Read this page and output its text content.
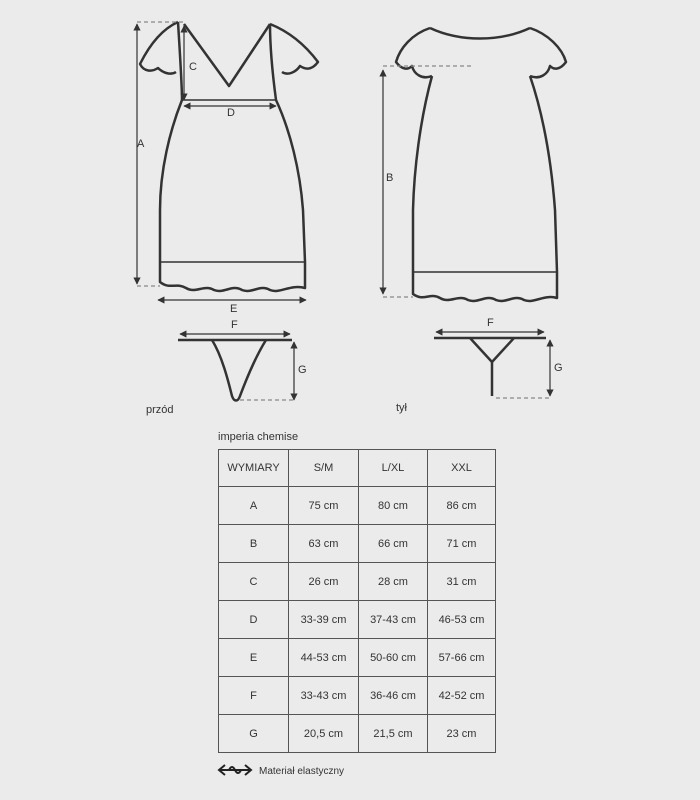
A
C
D
E
F
G
B
F
G
przód	tył
imperia chemise
WYMIARY	S/M	L/XL	XXL
A	75 cm	80 cm	86 cm
B	63 cm	66 cm	71 cm
C	26 cm	28 cm	31 cm
D	33-39 cm	37-43 cm	46-53 cm
E	44-53 cm	50-60 cm	57-66 cm
F	33-43 cm	36-46 cm	42-52 cm
G	20,5 cm	21,5 cm	23 cm
Materiał elastyczny
